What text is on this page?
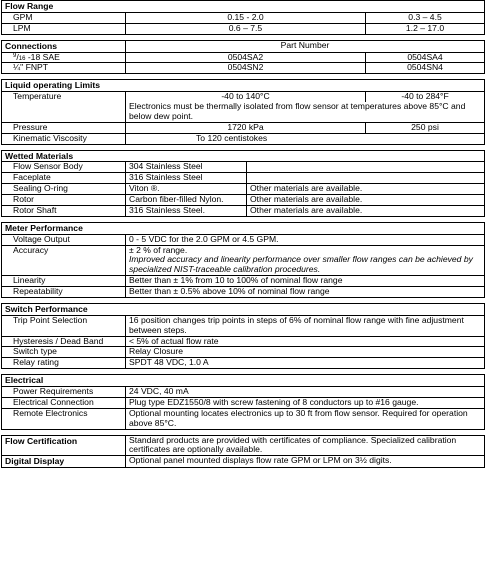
Flow Range			
GPM	0.15 - 2.0		0.3 – 4.5
LPM	0.6 – 7.5		1.2 – 17.0

Connections	Part Number		
$^9$/16 -18 SAE	0504SA2		0504SA4
¼" FNPT	0504SN2		0504SN4

Liquid operating Limits			
Temperature	-40 to 140°C		-40 to 284°F
	Electronics must be thermally isolated from flow sensor at temperatures above 85°C and below dew point.		
Pressure	1720 kPa		250 psi
Kinematic Viscosity	To 120 centistokes		

Wetted Materials			
Flow Sensor Body	304 Stainless Steel		
Faceplate	316 Stainless Steel		
Sealing O-ring	Viton ®.	Other materials are available.	
Rotor	Carbon fiber-filled Nylon.	Other materials are available.	
Rotor Shaft	316 Stainless Steel.	Other materials are available.	

Meter Performance			
Voltage Output	0 - 5 VDC for the 2.0 GPM or 4.5 GPM.		
Accuracy	± 2 % of range.
Improved accuracy and linearity performance over smaller flow ranges can be achieved by specialized NIST-traceable calibration procedures.		

Linearity	Better than ± 1% from 10 to 100% of nominal flow range		
Repeatability	Better than ± 0.5% above 10% of nominal flow range		

Switch Performance			
Trip Point Selection	16 position changes trip points in steps of 6% of nominal flow range with fine adjustment between steps.		
Hysteresis / Dead Band	< 5% of actual flow rate		
Switch type	Relay Closure		
Relay rating	SPDT 48 VDC, 1.0 A		

Electrical			
Power Requirements	24 VDC, 40 mA		
Electrical Connection	Plug type EDZ1550/8 with screw fastening of 8 conductors up to #16 gauge.		
Remote Electronics	Optional mounting locates electronics up to 30 ft from flow sensor. Required for operation above 85°C.		

Flow Certification	Standard products are provided with certificates of compliance. Specialized calibration certificates are optionally available.		
Digital Display	Optional panel mounted displays flow rate GPM or LPM on 3½ digits.		
